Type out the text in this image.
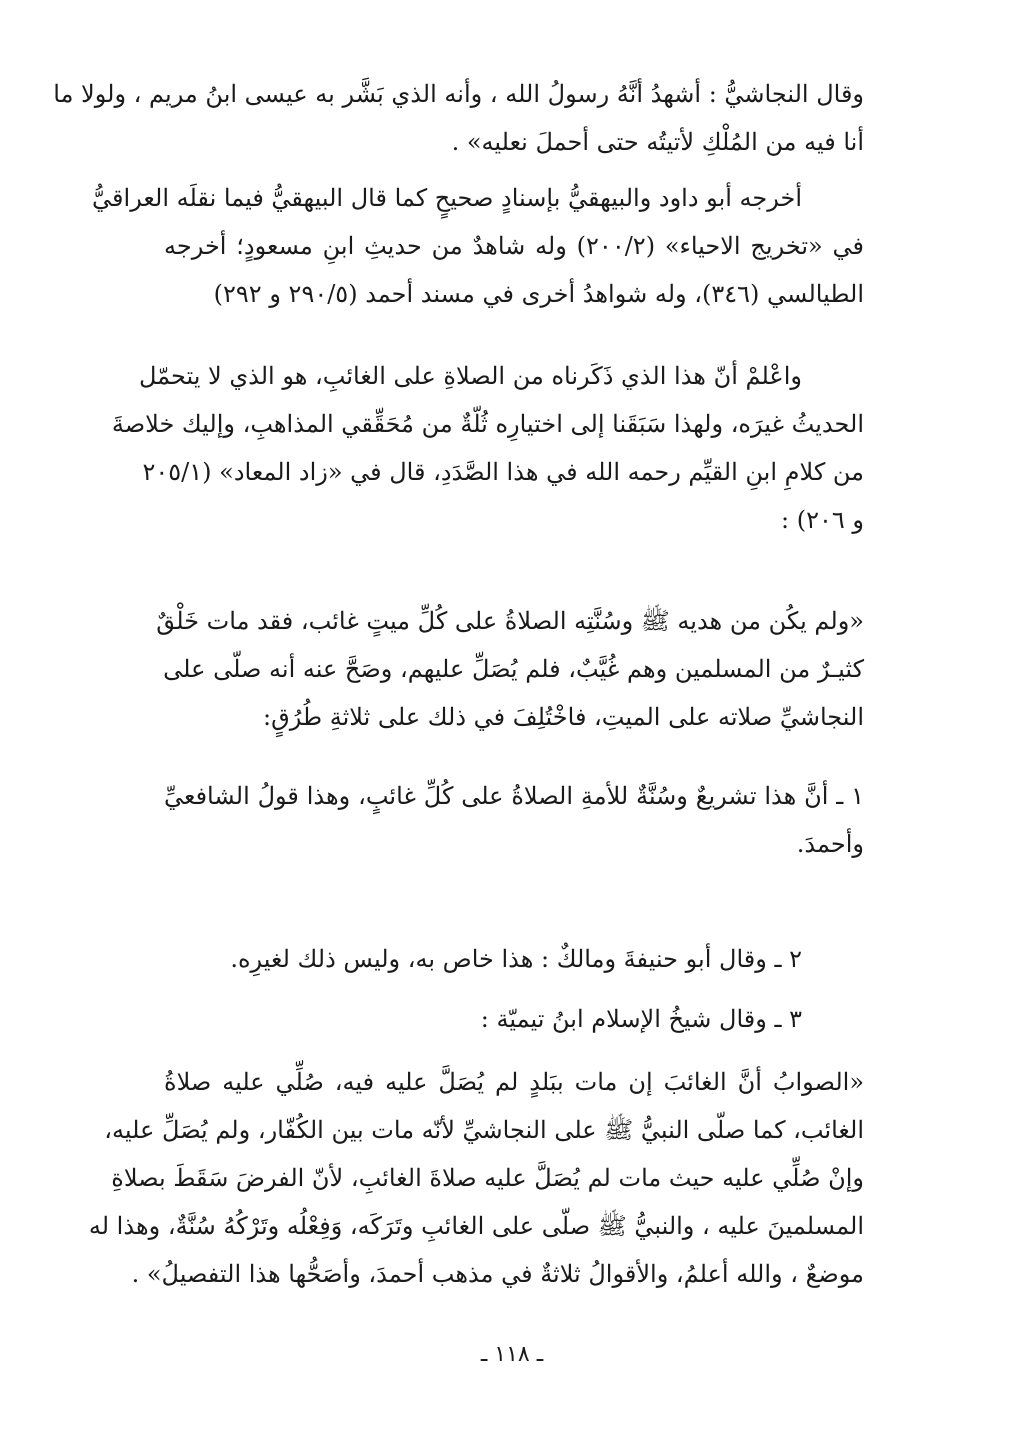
وقال النجاشيُّ : أشهدُ أنَّهُ رسولُ الله ، وأنه الذي بَشَّر به عيسى ابنُ مريم ، ولولا ما
أنا فيه من المُلْكِ لأتيتُه حتى أحملَ نعليه» .

أخرجه أبو داود والبيهقيُّ بإسنادٍ صحيحٍ كما قال البيهقيُّ فيما نقلَه العراقيُّ
في «تخريج الاحياء» (٢٠٠/٢) وله شاهدٌ من حديثِ ابنِ مسعودٍ؛ أخرجه
الطيالسي (٣٤٦)، وله شواهدُ أخرى في مسند أحمد (٢٩٠/٥ و ٢٩٢)

واعْلمْ أنّ هذا الذي ذَكَرناه من الصلاةِ على الغائبِ، هو الذي لا يتحمّل
الحديثُ غيرَه، ولهذا سَبَقَنا إلى اختيارِه ثُلّةٌ من مُحَقِّقي المذاهبِ، وإليك خلاصةَ
من كلامِ ابنِ القيِّم رحمه الله في هذا الصَّدَدِ، قال في «زاد المعاد» (٢٠٥/١
و ٢٠٦) :

«ولم يكُن من هديه ﷺ وسُنَّتِه الصلاةُ على كُلِّ ميتٍ غائب، فقد مات خَلْقٌ
كثيـرٌ من المسلمين وهم غُيَّبٌ، فلم يُصَلِّ عليهم، وصَحَّ عنه أنه صلّى على
النجاشيِّ صلاته على الميتِ، فاخْتُلِفَ في ذلك على ثلاثةِ طُرُقٍ:

١ ـ أنَّ هذا تشريعٌ وسُنَّةٌ للأمةِ الصلاةُ على كُلِّ غائبٍ، وهذا قولُ الشافعيِّ
وأحمدَ.

٢ ـ وقال أبو حنيفةَ ومالكٌ : هذا خاص به، وليس ذلك لغيرِه.

٣ ـ وقال شيخُ الإسلام ابنُ تيميّة :

«الصوابُ أنَّ الغائبَ إن مات ببَلدٍ لم يُصَلَّ عليه فيه، صُلِّي عليه صلاةُ
الغائب، كما صلّى النبيُّ ﷺ على النجاشيِّ لأنّه مات بين الكُفّار، ولم يُصَلِّ عليه،
وإنْ صُلِّي عليه حيث مات لم يُصَلَّ عليه صلاةَ الغائبِ، لأنّ الفرضَ سَقَطَ بصلاةِ
المسلمينَ عليه ، والنبيُّ ﷺ صلّى على الغائبِ وتَرَكَه، وَفِعْلُه وتَرْكُهُ سُنَّةٌ، وهذا له
موضعٌ ، والله أعلمُ، والأقوالُ ثلاثةٌ في مذهب أحمدَ، وأصَحُّها هذا التفصيلُ» .

ـ ١١٨ ـ
